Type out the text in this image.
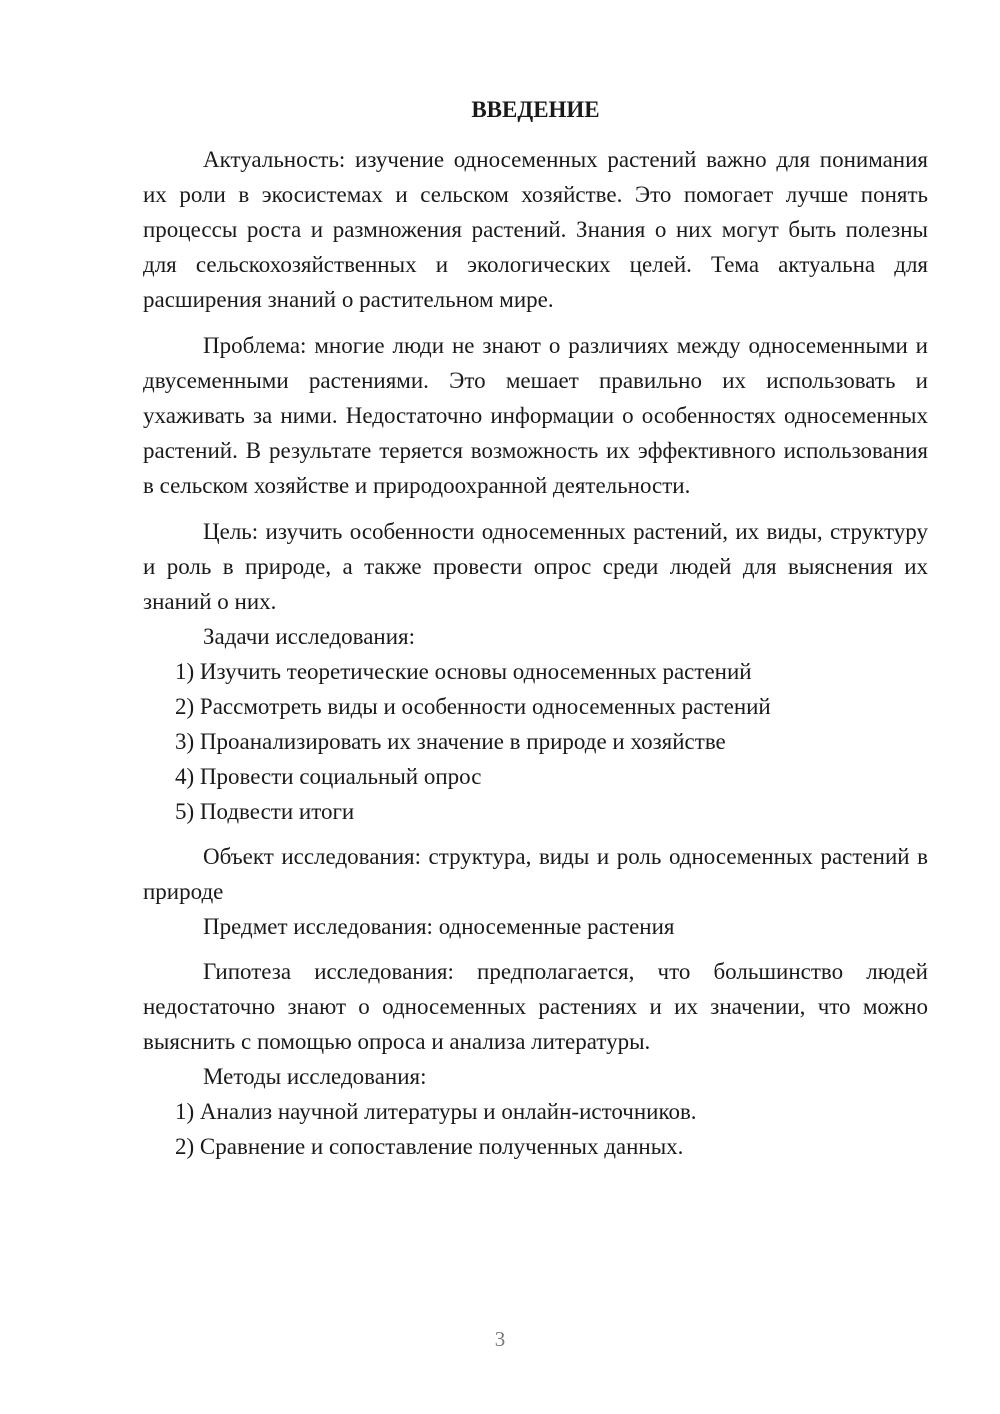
ВВЕДЕНИЕ

Актуальность: изучение односеменных растений важно для понимания их роли в экосистемах и сельском хозяйстве. Это помогает лучше понять процессы роста и размножения растений. Знания о них могут быть полезны для сельскохозяйственных и экологических целей. Тема актуальна для расширения знаний о растительном мире.

Проблема: многие люди не знают о различиях между односеменными и двусеменными растениями. Это мешает правильно их использовать и ухаживать за ними. Недостаточно информации о особенностях односеменных растений. В результате теряется возможность их эффективного использования в сельском хозяйстве и природоохранной деятельности.

Цель: изучить особенности односеменных растений, их виды, структуру и роль в природе, а также провести опрос среди людей для выяснения их знаний о них.

Задачи исследования:

1) Изучить теоретические основы односеменных растений

2) Рассмотреть виды и особенности односеменных растений

3) Проанализировать их значение в природе и хозяйстве

4) Провести социальный опрос

5) Подвести итоги

Объект исследования: структура, виды и роль односеменных растений в природе

Предмет исследования: односеменные растения

Гипотеза исследования: предполагается, что большинство людей недостаточно знают о односеменных растениях и их значении, что можно выяснить с помощью опроса и анализа литературы.

Методы исследования:

1) Анализ научной литературы и онлайн-источников.

2) Сравнение и сопоставление полученных данных.

3
